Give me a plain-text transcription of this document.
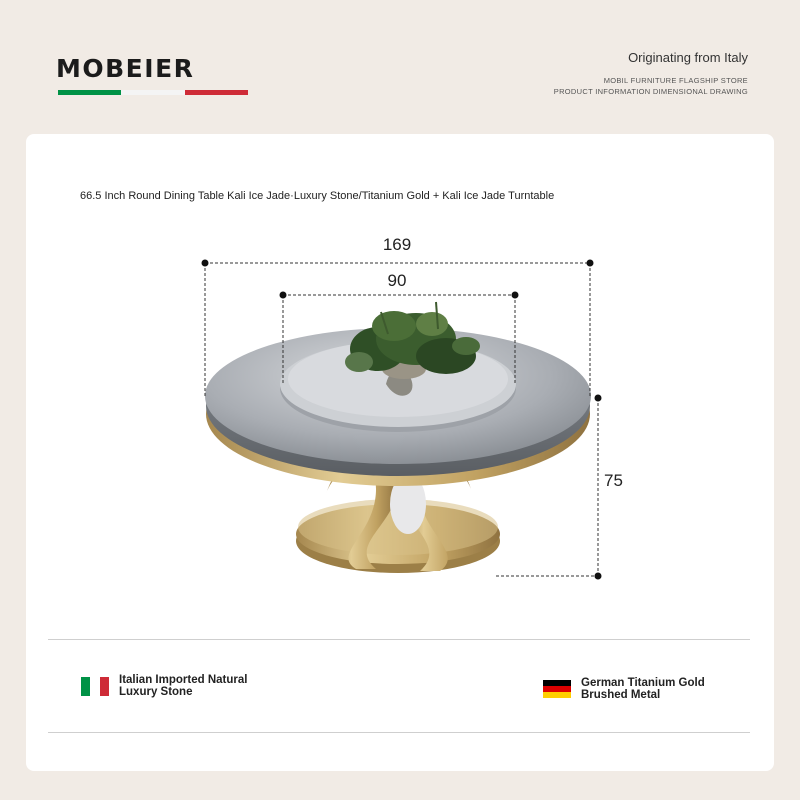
MOBEIER	Originating from Italy
MOBIL FURNITURE FLAGSHIP STORE
PRODUCT INFORMATION DIMENSIONAL DRAWING
66.5 Inch Round Dining Table Kali Ice Jade·Luxury Stone/Titanium Gold + Kali Ice Jade Turntable
169
90
75
Italian Imported Natural
Luxury Stone
German Titanium Gold
Brushed Metal
